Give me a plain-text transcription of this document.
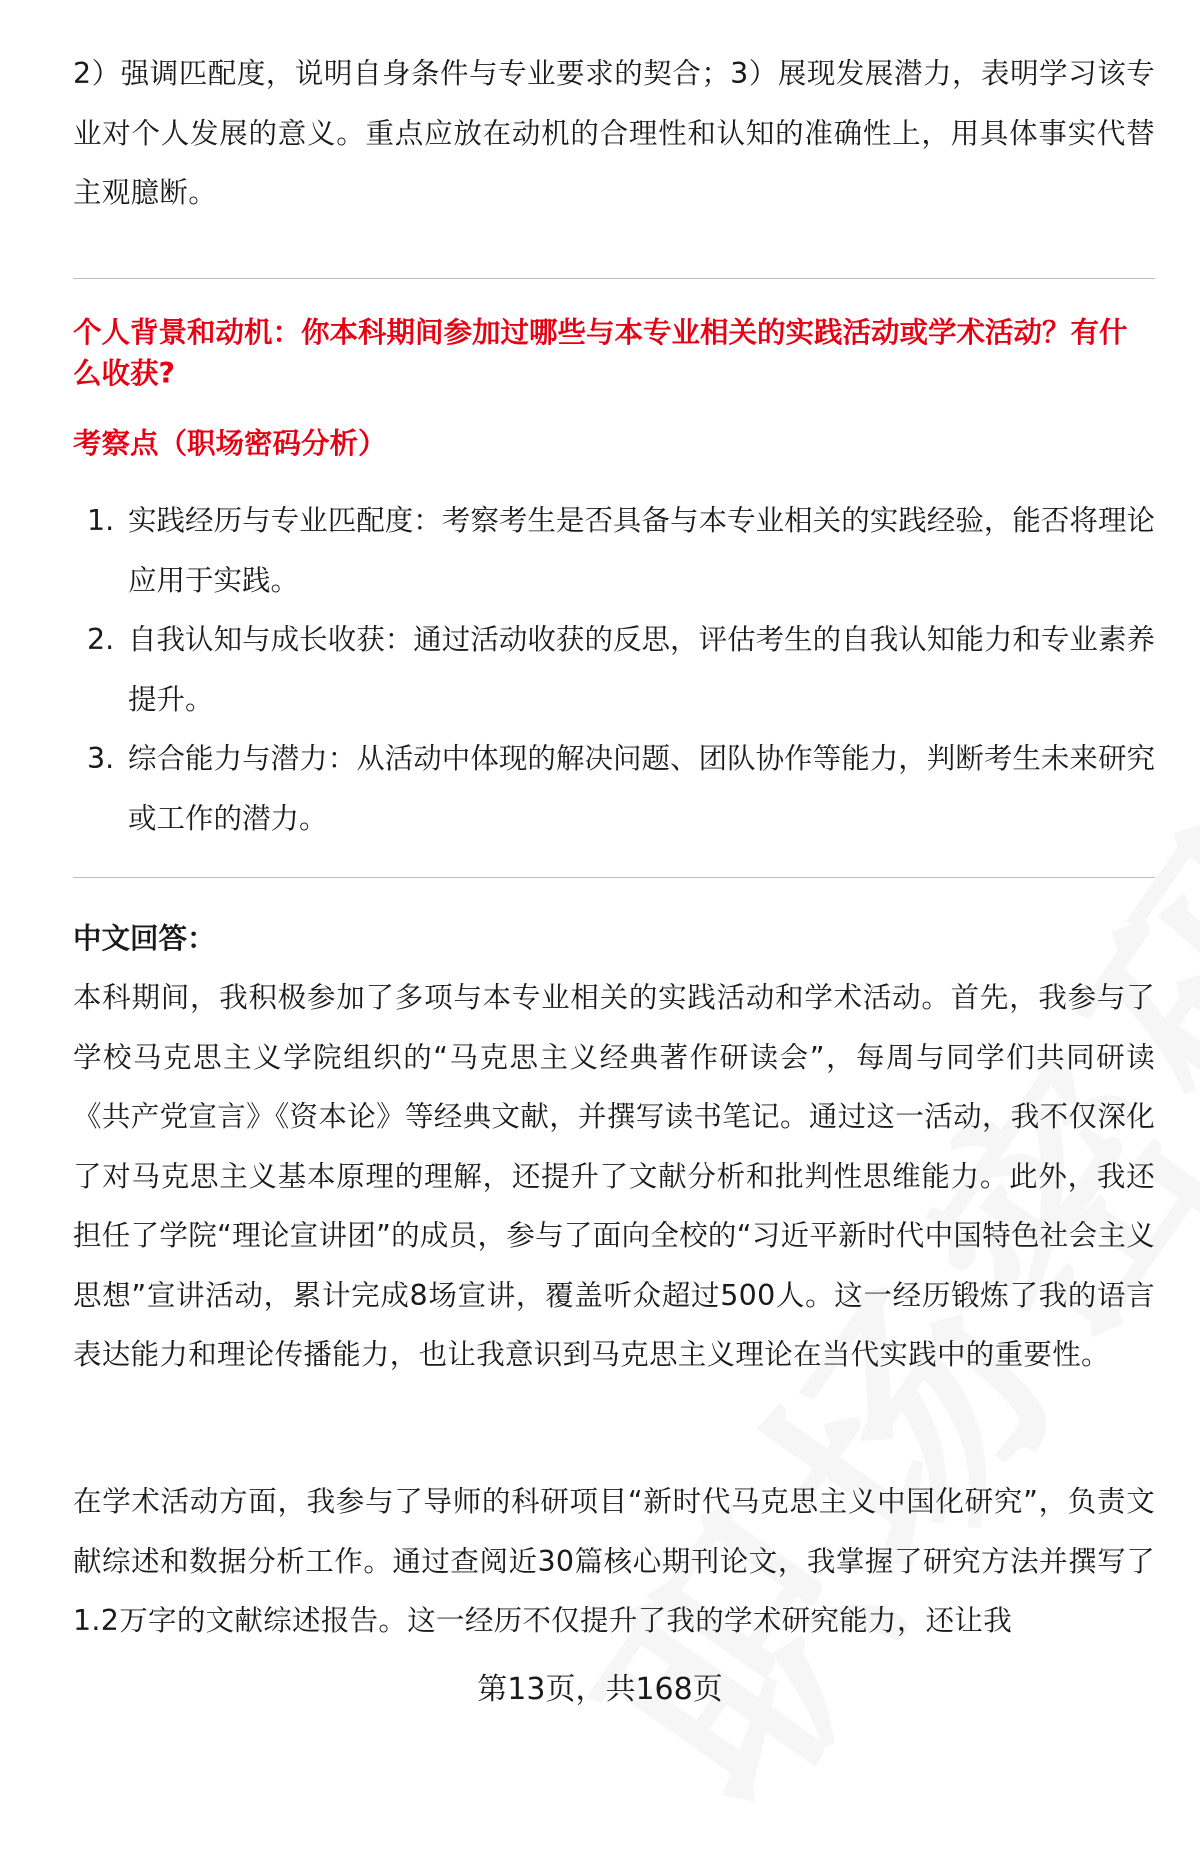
2）强调匹配度，说明自身条件与专业要求的契合；3）展现发展潜力，表明学习该专业对个人发展的意义。重点应放在动机的合理性和认知的准确性上，用具体事实代替主观臆断。

个人背景和动机：你本科期间参加过哪些与本专业相关的实践活动或学术活动？有什么收获?

考察点（职场密码分析）

1. 实践经历与专业匹配度：考察考生是否具备与本专业相关的实践经验，能否将理论应用于实践。
2. 自我认知与成长收获：通过活动收获的反思，评估考生的自我认知能力和专业素养提升。
3. 综合能力与潜力：从活动中体现的解决问题、团队协作等能力，判断考生未来研究或工作的潜力。

中文回答：

本科期间，我积极参加了多项与本专业相关的实践活动和学术活动。首先，我参与了学校马克思主义学院组织的“马克思主义经典著作研读会”，每周与同学们共同研读《共产党宣言》《资本论》等经典文献，并撰写读书笔记。通过这一活动，我不仅深化了对马克思主义基本原理的理解，还提升了文献分析和批判性思维能力。此外，我还担任了学院“理论宣讲团”的成员，参与了面向全校的“习近平新时代中国特色社会主义思想”宣讲活动，累计完成8场宣讲，覆盖听众超过500人。这一经历锻炼了我的语言表达能力和理论传播能力，也让我意识到马克思主义理论在当代实践中的重要性。

在学术活动方面，我参与了导师的科研项目“新时代马克思主义中国化研究”，负责文献综述和数据分析工作。通过查阅近30篇核心期刊论文，我掌握了研究方法并撰写了1.2万字的文献综述报告。这一经历不仅提升了我的学术研究能力，还让我

第13页，共168页
